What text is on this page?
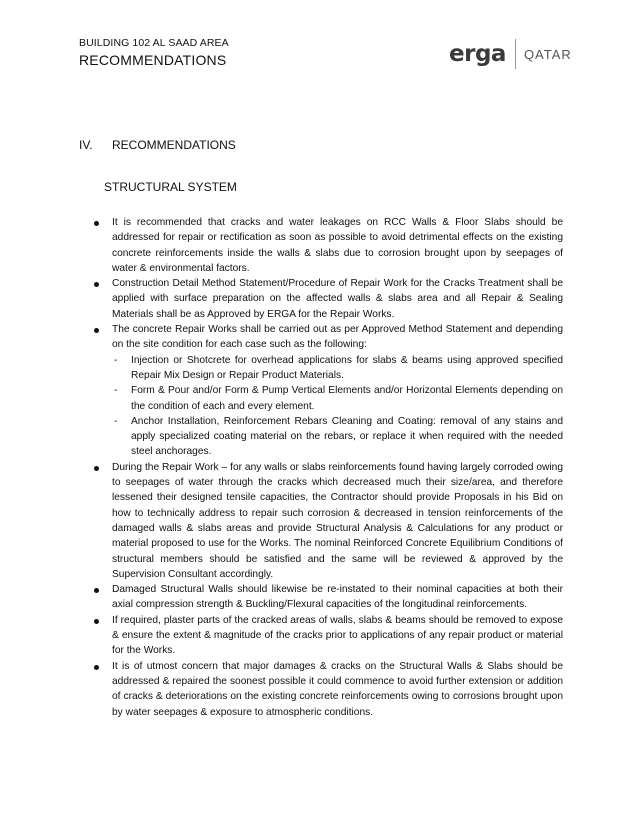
BUILDING 102 AL SAAD AREA
RECOMMENDATIONS	erga QATAR
IV.	RECOMMENDATIONS
STRUCTURAL SYSTEM
It is recommended that cracks and water leakages on RCC Walls & Floor Slabs should be addressed for repair or rectification as soon as possible to avoid detrimental effects on the existing concrete reinforcements inside the walls & slabs due to corrosion brought upon by seepages of water & environmental factors.
Construction Detail Method Statement/Procedure of Repair Work for the Cracks Treatment shall be applied with surface preparation on the affected walls & slabs area and all Repair & Sealing Materials shall be as Approved by ERGA for the Repair Works.
The concrete Repair Works shall be carried out as per Approved Method Statement and depending on the site condition for each case such as the following:
- Injection or Shotcrete for overhead applications for slabs & beams using approved specified Repair Mix Design or Repair Product Materials.
- Form & Pour and/or Form & Pump Vertical Elements and/or Horizontal Elements depending on the condition of each and every element.
- Anchor Installation, Reinforcement Rebars Cleaning and Coating: removal of any stains and apply specialized coating material on the rebars, or replace it when required with the needed steel anchorages.
During the Repair Work – for any walls or slabs reinforcements found having largely corroded owing to seepages of water through the cracks which decreased much their size/area, and therefore lessened their designed tensile capacities, the Contractor should provide Proposals in his Bid on how to technically address to repair such corrosion & decreased in tension reinforcements of the damaged walls & slabs areas and provide Structural Analysis & Calculations for any product or material proposed to use for the Works. The nominal Reinforced Concrete Equilibrium Conditions of structural members should be satisfied and the same will be reviewed & approved by the Supervision Consultant accordingly.
Damaged Structural Walls should likewise be re-instated to their nominal capacities at both their axial compression strength & Buckling/Flexural capacities of the longitudinal reinforcements.
If required, plaster parts of the cracked areas of walls, slabs & beams should be removed to expose & ensure the extent & magnitude of the cracks prior to applications of any repair product or material for the Works.
It is of utmost concern that major damages & cracks on the Structural Walls & Slabs should be addressed & repaired the soonest possible it could commence to avoid further extension or addition of cracks & deteriorations on the existing concrete reinforcements owing to corrosions brought upon by water seepages & exposure to atmospheric conditions.
